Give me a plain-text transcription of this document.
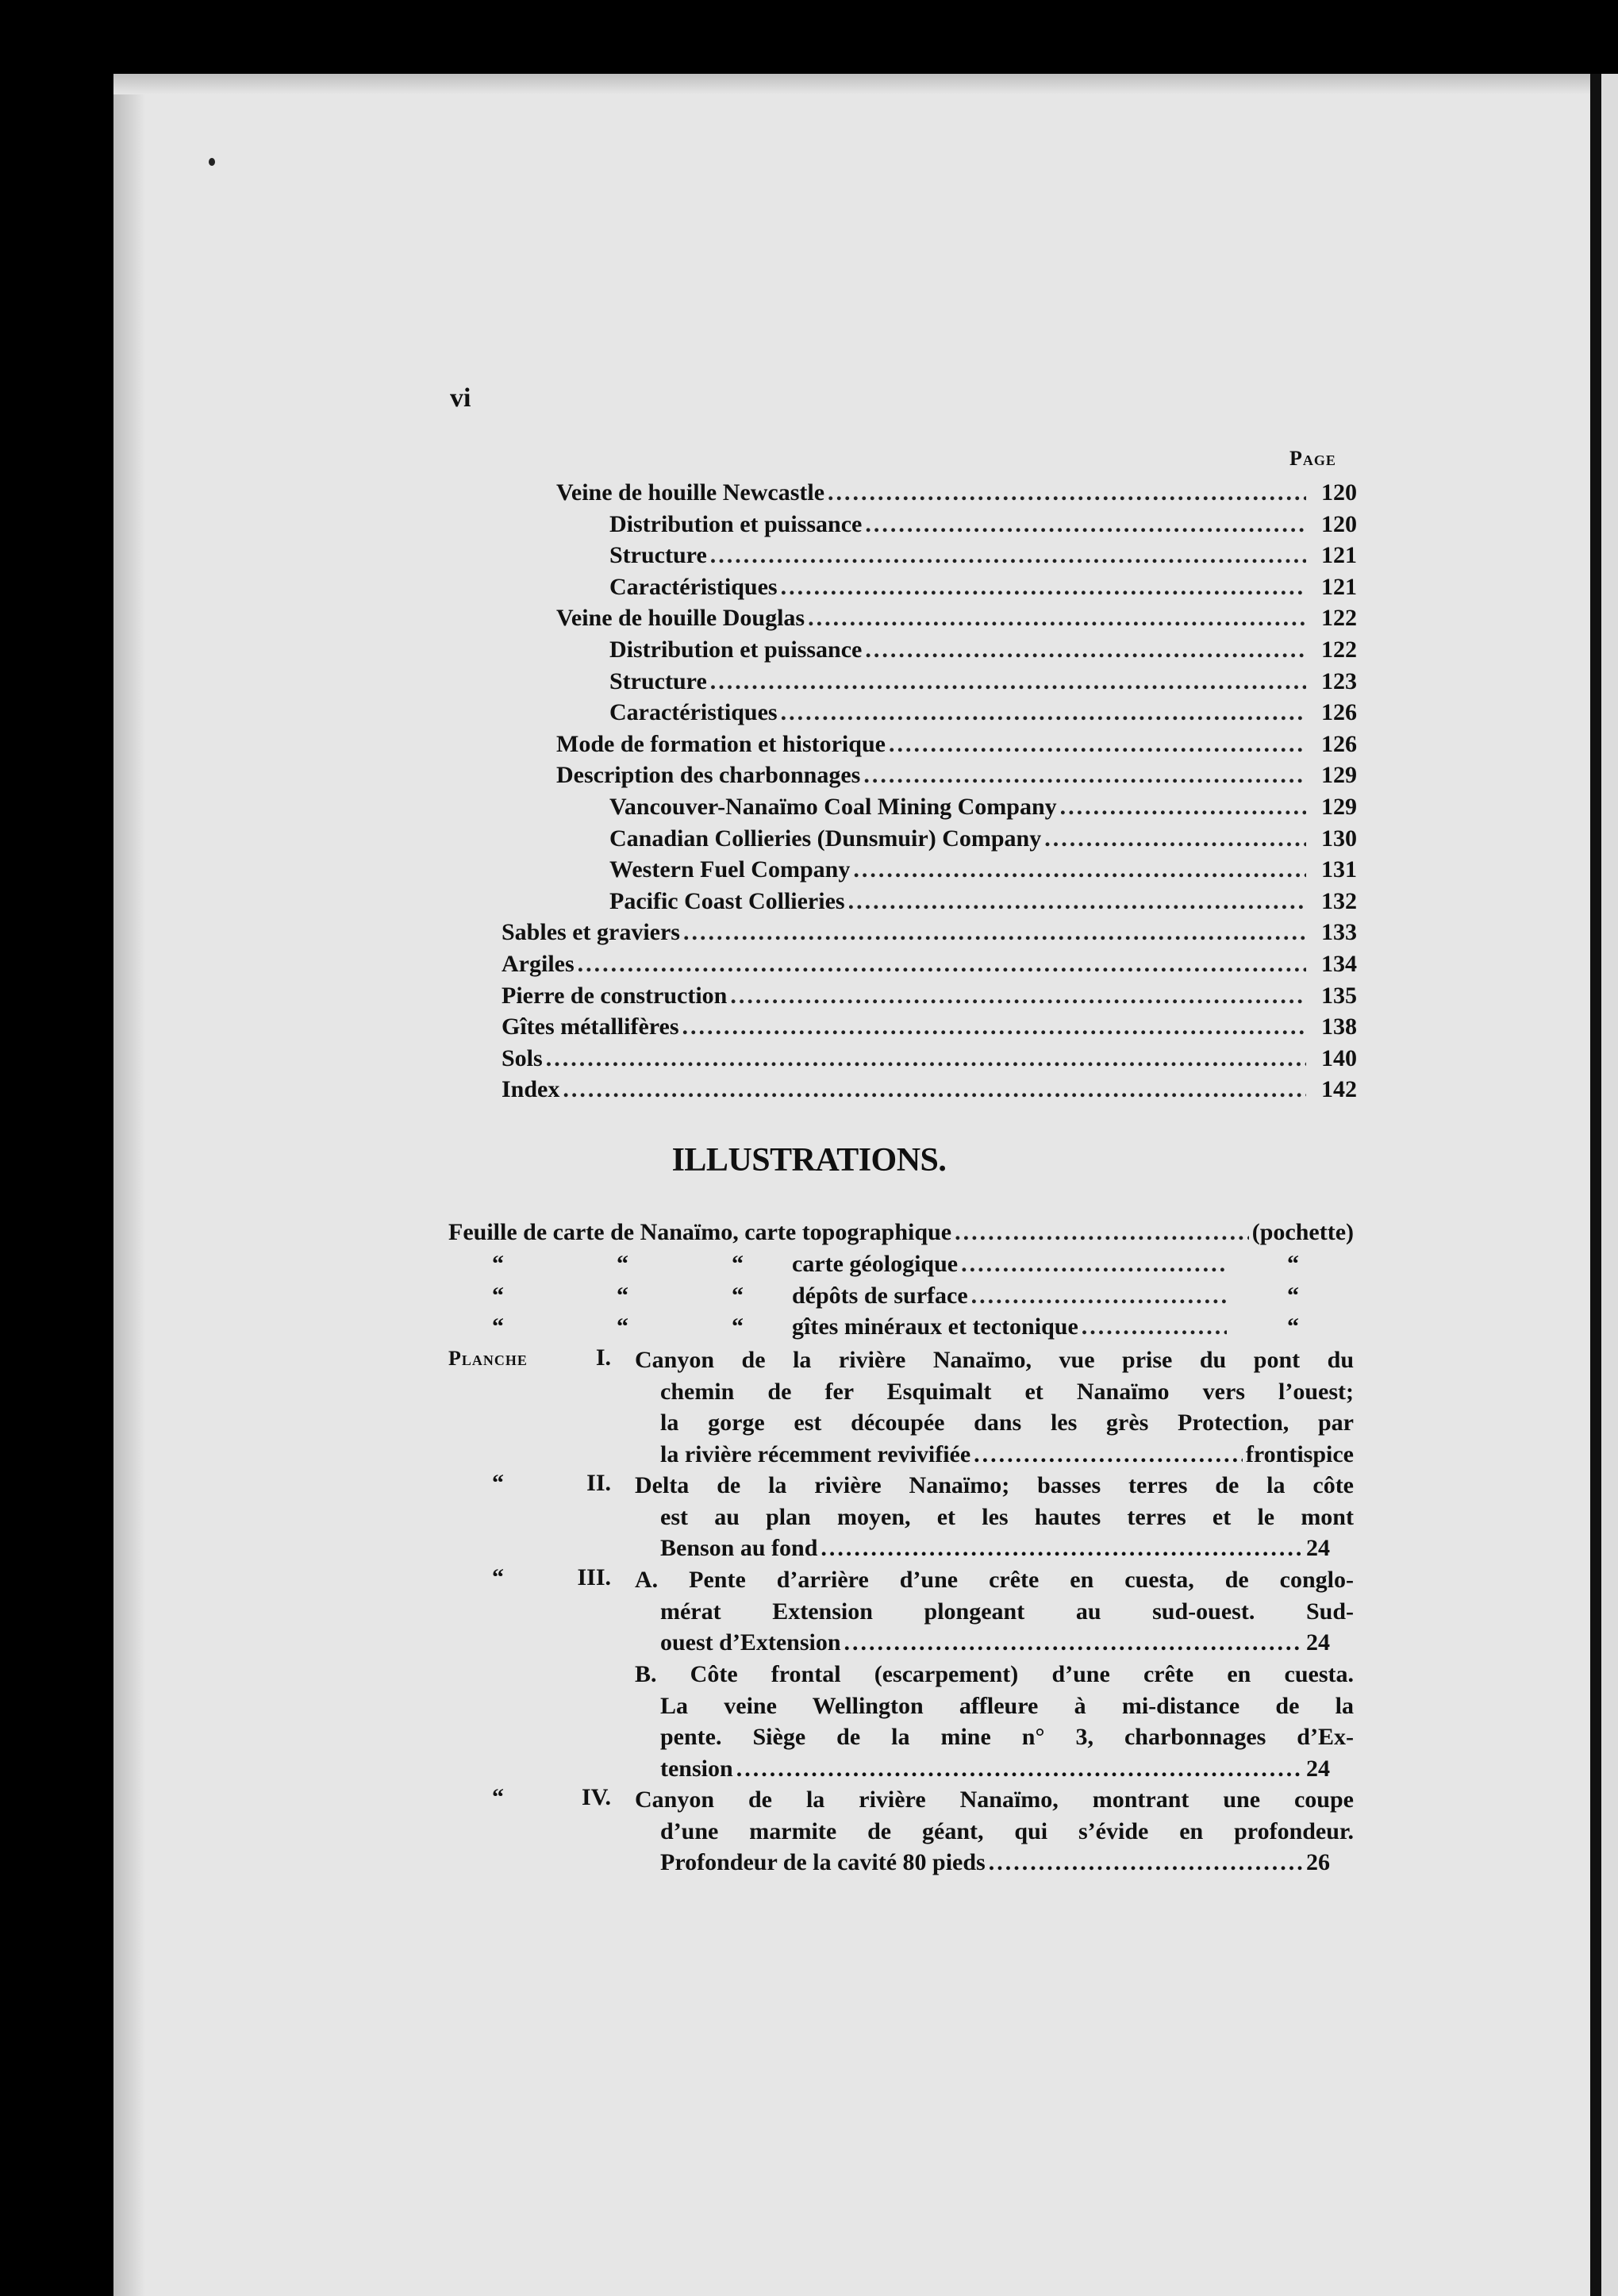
vi
Page
Veine de houille Newcastle .....	120
Distribution et puissance .....	120
Structure .....	121
Caractéristiques .....	121
Veine de houille Douglas .....	122
Distribution et puissance .....	122
Structure .....	123
Caractéristiques .....	126
Mode de formation et historique .....	126
Description des charbonnages .....	129
Vancouver-Nanaïmo Coal Mining Company .....	129
Canadian Collieries (Dunsmuir) Company .....	130
Western Fuel Company .....	131
Pacific Coast Collieries .....	132
Sables et graviers .....	133
Argiles .....	134
Pierre de construction .....	135
Gîtes métallifères .....	138
Sols .....	140
Index .....	142
ILLUSTRATIONS.
Feuille de carte de Nanaïmo, carte topographique .....	(pochette)
“	“	“ carte géologique .....	“
“	“	“ dépôts de surface .....	“
“	“	“ gîtes minéraux et tectonique .....	“
Planche	I. Canyon de la rivière Nanaïmo, vue prise du pont du
chemin de fer Esquimalt et Nanaïmo vers l’ouest;
la gorge est découpée dans les grès Protection, par
la rivière récemment revivifiée .....	frontispice
“	II. Delta de la rivière Nanaïmo; basses terres de la côte
est au plan moyen, et les hautes terres et le mont
Benson au fond .....	24
“	III. A. Pente d’arrière d’une crête en cuesta, de conglo-
mérat Extension plongeant au sud-ouest. Sud-
ouest d’Extension .....	24
B. Côte frontal (escarpement) d’une crête en cuesta.
La veine Wellington affleure à mi-distance de la
pente. Siège de la mine n° 3, charbonnages d’Ex-
tension .....	24
“	IV. Canyon de la rivière Nanaïmo, montrant une coupe
d’une marmite de géant, qui s’évide en profondeur.
Profondeur de la cavité 80 pieds .....	26
